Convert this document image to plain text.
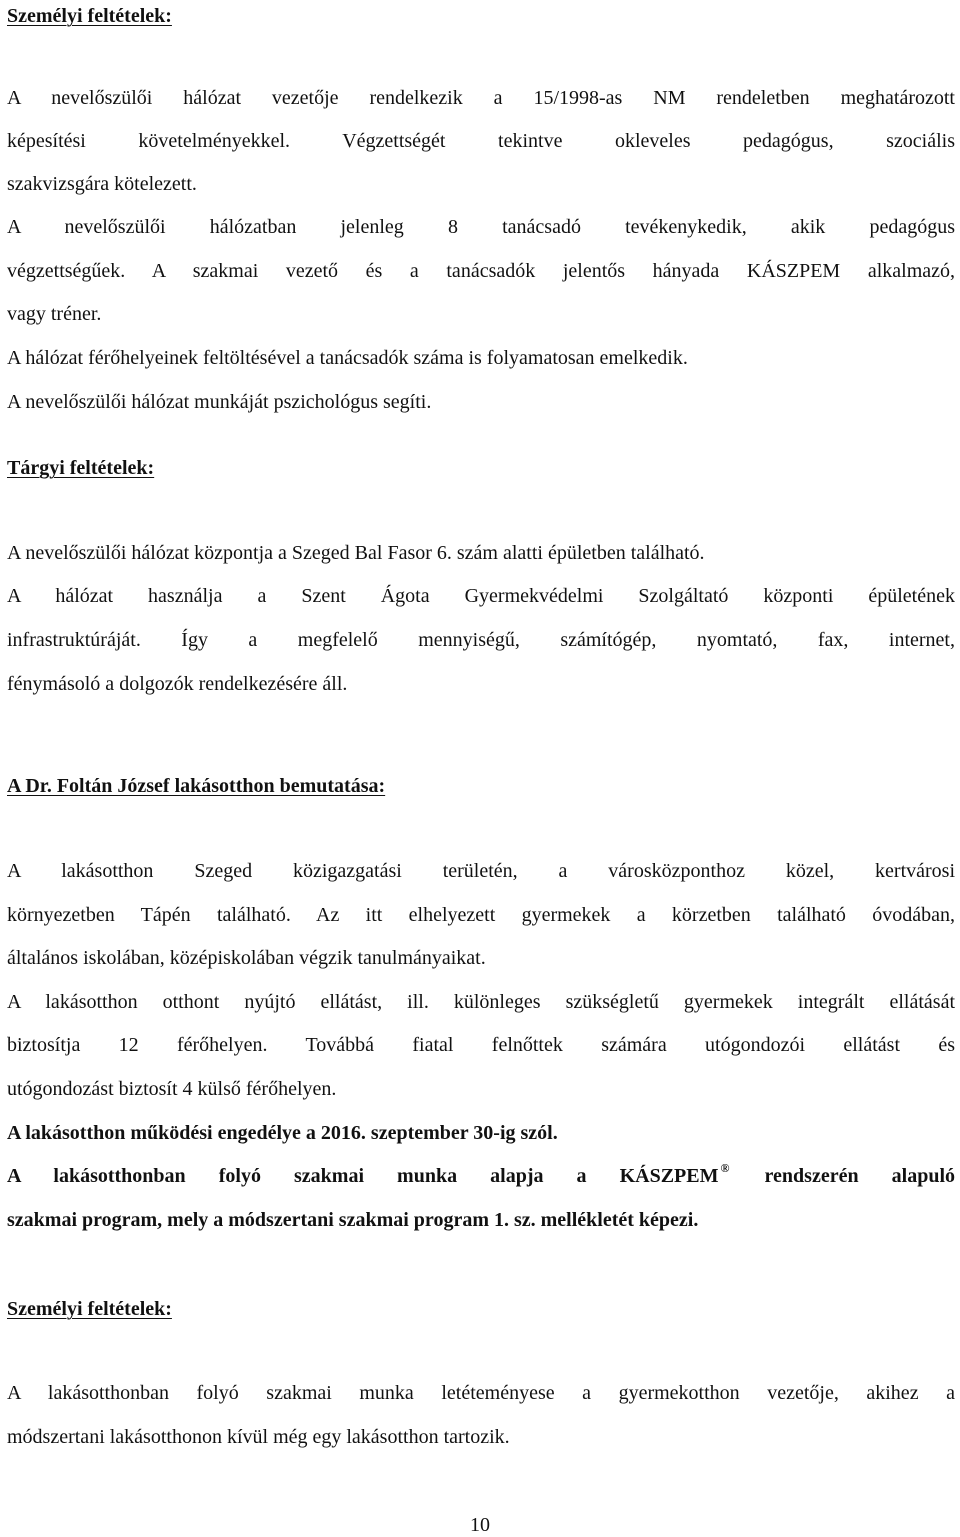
Személyi feltételek:
A nevelőszülői hálózat vezetője rendelkezik a 15/1998-as NM rendeletben meghatározott
képesítési követelményekkel. Végzettségét tekintve okleveles pedagógus, szociális
szakvizsgára kötelezett.
A nevelőszülői hálózatban jelenleg 8 tanácsadó tevékenykedik, akik pedagógus
végzettségűek. A szakmai vezető és a tanácsadók jelentős hányada KÁSZPEM alkalmazó,
vagy tréner.
A hálózat férőhelyeinek feltöltésével a tanácsadók száma is folyamatosan emelkedik.
A nevelőszülői hálózat munkáját pszichológus segíti.
Tárgyi feltételek:
A nevelőszülői hálózat központja a Szeged Bal Fasor 6. szám alatti épületben található.
A hálózat használja a Szent Ágota Gyermekvédelmi Szolgáltató központi épületének
infrastruktúráját. Így a megfelelő mennyiségű, számítógép, nyomtató, fax, internet,
fénymásoló a dolgozók rendelkezésére áll.
A Dr. Foltán József lakásotthon bemutatása:
A lakásotthon Szeged közigazgatási területén, a városközponthoz közel, kertvárosi
környezetben Tápén található. Az itt elhelyezett gyermekek a körzetben található óvodában,
általános iskolában, középiskolában végzik tanulmányaikat.
A lakásotthon otthont nyújtó ellátást, ill. különleges szükségletű gyermekek integrált ellátását
biztosítja 12 férőhelyen. Továbbá fiatal felnőttek számára utógondozói ellátást és
utógondozást biztosít 4 külső férőhelyen.
A lakásotthon működési engedélye a 2016. szeptember 30-ig szól.
A lakásotthonban folyó szakmai munka alapja a KÁSZPEM ® rendszerén alapuló
szakmai program, mely a módszertani szakmai program 1. sz. mellékletét képezi.
Személyi feltételek:
A lakásotthonban folyó szakmai munka letéteményese a gyermekotthon vezetője, akihez a
módszertani lakásotthonon kívül még egy lakásotthon tartozik.
10
